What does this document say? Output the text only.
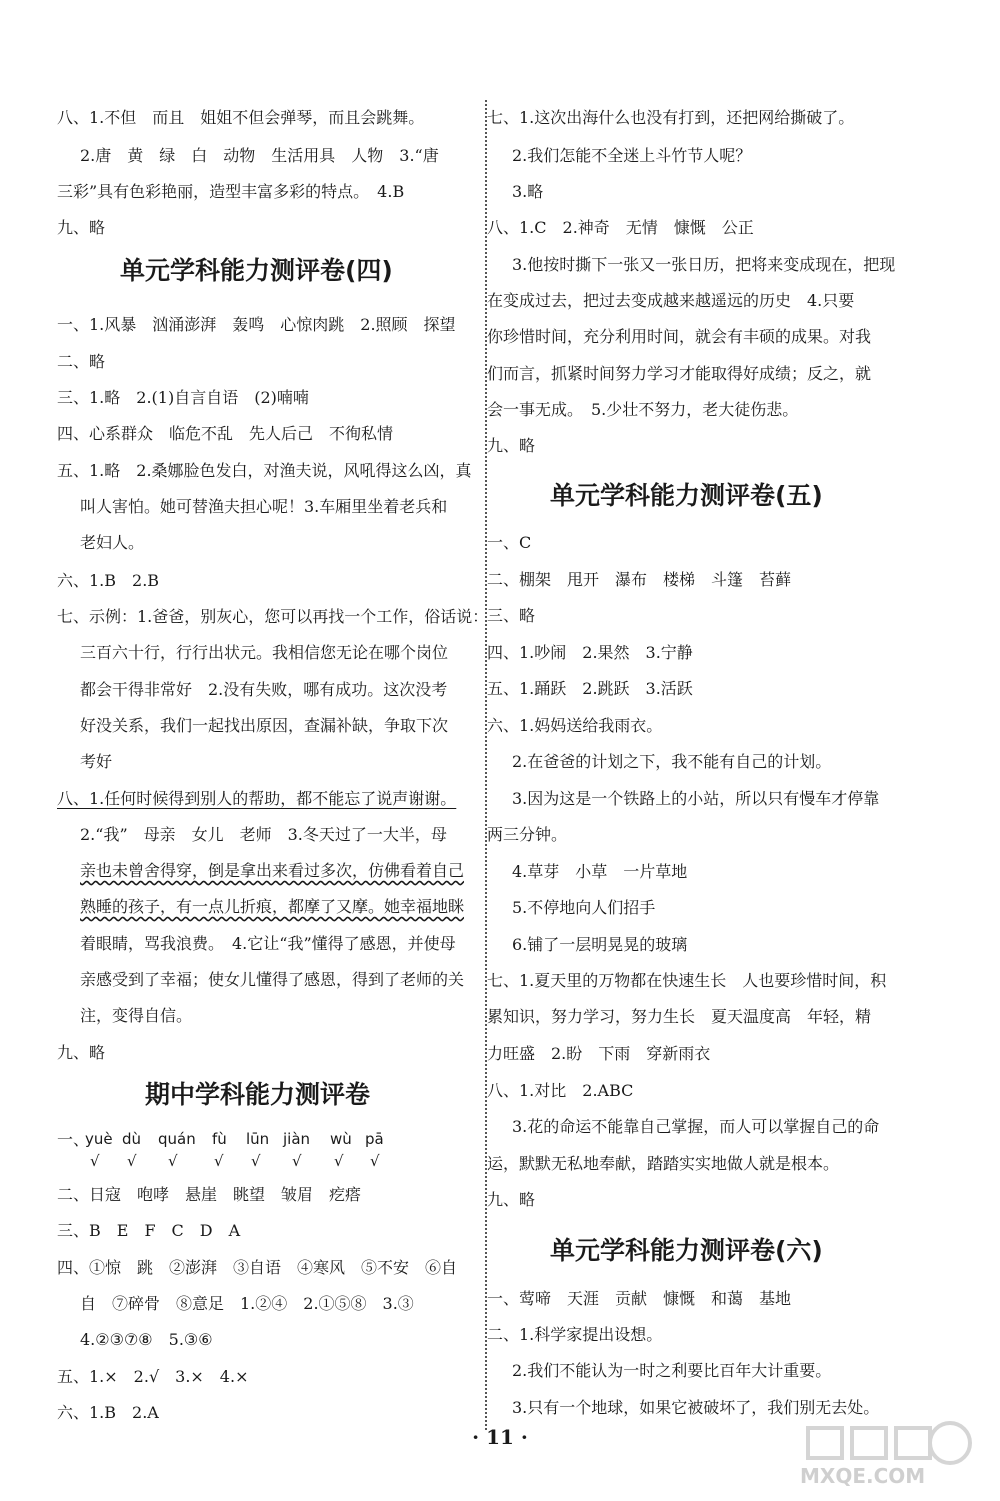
八、1.不但　而且　姐姐不但会弹琴，而且会跳舞。
2.唐　黄　绿　白　动物　生活用具　人物　3.“唐
三彩”具有色彩艳丽，造型丰富多彩的特点。　4.B
九、略
单元学科能力测评卷(四)
一、1.风暴　汹涌澎湃　轰鸣　心惊肉跳　2.照顾　探望
二、略
三、1.略　2.(1)自言自语　(2)喃喃
四、心系群众　临危不乱　先人后己　不徇私情
五、1.略　2.桑娜脸色发白，对渔夫说，风吼得这么凶，真
叫人害怕。她可替渔夫担心呢！3.车厢里坐着老兵和
老妇人。
六、1.B　2.B
七、示例：1.爸爸，别灰心，您可以再找一个工作，俗话说：
三百六十行，行行出状元。我相信您无论在哪个岗位
都会干得非常好　2.没有失败，哪有成功。这次没考
好没关系，我们一起找出原因，查漏补缺，争取下次
考好
八、1.任何时候得到别人的帮助，都不能忘了说声谢谢。
2.“我”　母亲　女儿　老师　3.冬天过了一大半，母
亲也未曾舍得穿，倒是拿出来看过多次，仿佛看着自己
熟睡的孩子，有一点儿折痕，都摩了又摩。她幸福地眯
着眼睛，骂我浪费。　4.它让“我”懂得了感恩，并使母
亲感受到了幸福；使女儿懂得了感恩，得到了老师的关
注，变得自信。
九、略
期中学科能力测评卷
一、
yuè dù quán fù lūn jiàn wù pā
√ √ √ √ √ √ √ √
二、日寇　咆哮　悬崖　眺望　皱眉　疙瘩
三、B　E　F　C　D　A
四、①惊　跳　②澎湃　③自语　④寒风　⑤不安　⑥自
自　⑦碎骨　⑧意足　1.②④　2.①⑤⑧　3.③
4.②③⑦⑧　5.③⑥
五、1.×　2.√　3.×　4.×
六、1.B　2.A
七、1.这次出海什么也没有打到，还把网给撕破了。
2.我们怎能不全迷上斗竹节人呢？
3.略
八、1.C　2.神奇　无情　慷慨　公正
3.他按时撕下一张又一张日历，把将来变成现在，把现
在变成过去，把过去变成越来越遥远的历史　4.只要
你珍惜时间，充分利用时间，就会有丰硕的成果。对我
们而言，抓紧时间努力学习才能取得好成绩；反之，就
会一事无成。　5.少壮不努力，老大徒伤悲。
九、略
单元学科能力测评卷(五)
一、C
二、棚架　甩开　瀑布　楼梯　斗篷　苔藓
三、略
四、1.吵闹　2.果然　3.宁静
五、1.踊跃　2.跳跃　3.活跃
六、1.妈妈送给我雨衣。
2.在爸爸的计划之下，我不能有自己的计划。
3.因为这是一个铁路上的小站，所以只有慢车才停靠
两三分钟。
4.草芽　小草　一片草地
5.不停地向人们招手
6.铺了一层明晃晃的玻璃
七、1.夏天里的万物都在快速生长　人也要珍惜时间，积
累知识，努力学习，努力生长　夏天温度高　年轻，精
力旺盛　2.盼　下雨　穿新雨衣
八、1.对比　2.ABC
3.花的命运不能靠自己掌握，而人可以掌握自己的命
运，默默无私地奉献，踏踏实实地做人就是根本。
九、略
单元学科能力测评卷(六)
一、莺啼　天涯　贡献　慷慨　和蔼　基地
二、1.科学家提出设想。
2.我们不能认为一时之利要比百年大计重要。
3.只有一个地球，如果它被破坏了，我们别无去处。
· 11 ·
MXQE.COM
